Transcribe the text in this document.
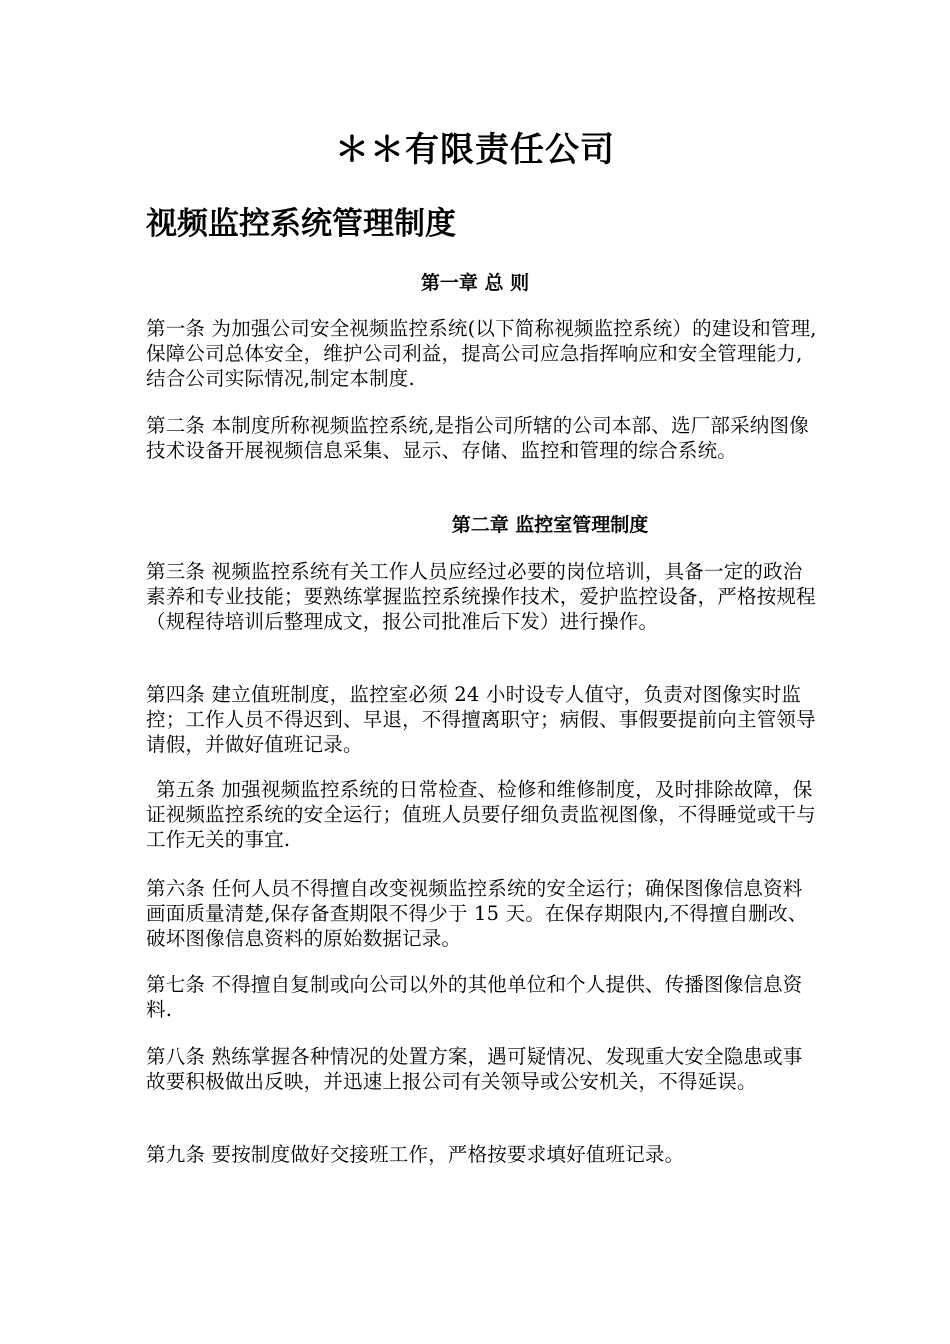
＊＊有限责任公司
视频监控系统管理制度
第一章 总 则

第一条 为加强公司安全视频监控系统(以下简称视频监控系统）的建设和管理,保障公司总体安全，维护公司利益，提高公司应急指挥响应和安全管理能力,结合公司实际情况,制定本制度.

第二条 本制度所称视频监控系统,是指公司所辖的公司本部、选厂部采纳图像技术设备开展视频信息采集、显示、存储、监控和管理的综合系统。

第二章 监控室管理制度

第三条 视频监控系统有关工作人员应经过必要的岗位培训，具备一定的政治素养和专业技能；要熟练掌握监控系统操作技术，爱护监控设备，严格按规程（规程待培训后整理成文，报公司批准后下发）进行操作。

第四条 建立值班制度，监控室必须 24 小时设专人值守，负责对图像实时监控；工作人员不得迟到、早退，不得擅离职守；病假、事假要提前向主管领导请假，并做好值班记录。

第五条 加强视频监控系统的日常检查、检修和维修制度，及时排除故障，保证视频监控系统的安全运行；值班人员要仔细负责监视图像，不得睡觉或干与工作无关的事宜.

第六条 任何人员不得擅自改变视频监控系统的安全运行；确保图像信息资料画面质量清楚,保存备查期限不得少于 15 天。在保存期限内,不得擅自删改、破坏图像信息资料的原始数据记录。

第七条 不得擅自复制或向公司以外的其他单位和个人提供、传播图像信息资料.

第八条 熟练掌握各种情况的处置方案，遇可疑情况、发现重大安全隐患或事故要积极做出反映，并迅速上报公司有关领导或公安机关，不得延误。

第九条 要按制度做好交接班工作，严格按要求填好值班记录。
